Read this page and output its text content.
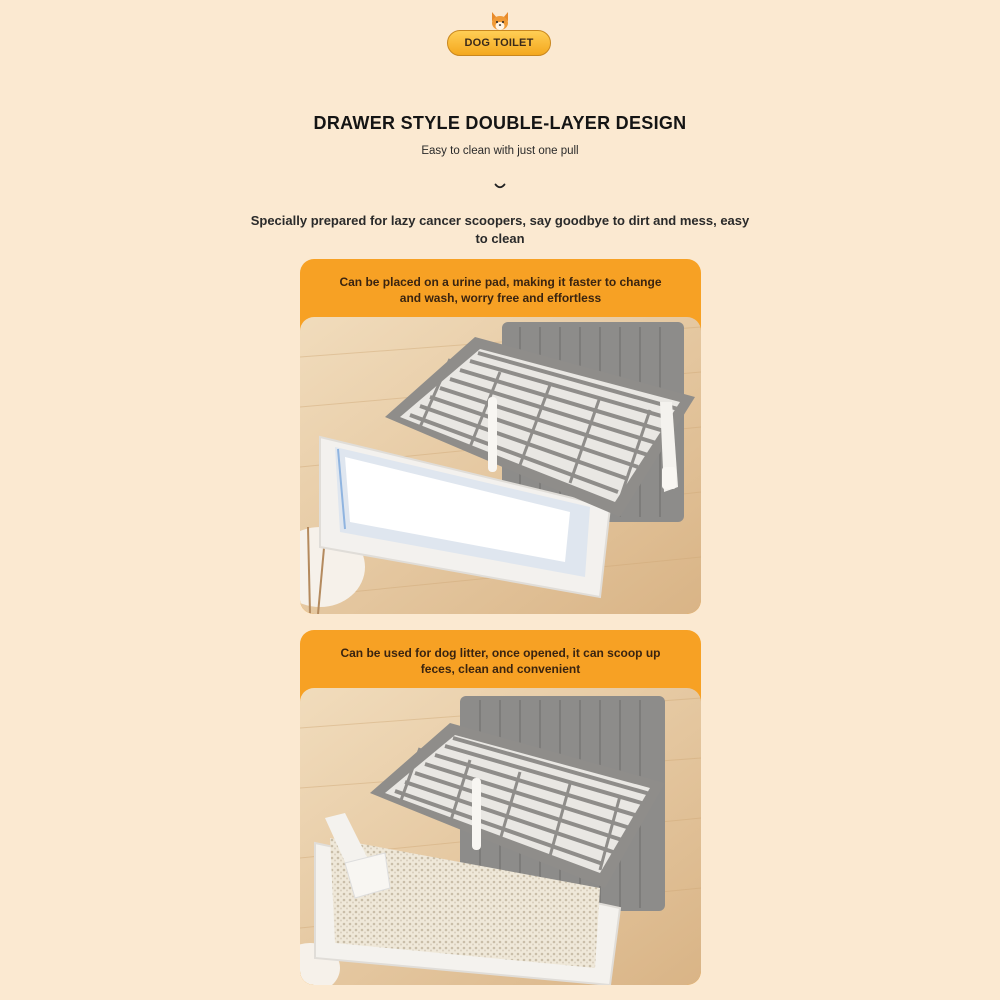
DOG TOILET
DRAWER STYLE DOUBLE-LAYER DESIGN
Easy to clean with just one pull
Specially prepared for lazy cancer scoopers, say goodbye to dirt and mess, easy to clean
Can be placed on a urine pad, making it faster to change and wash, worry free and effortless
Can be used for dog litter, once opened, it can scoop up feces, clean and convenient
